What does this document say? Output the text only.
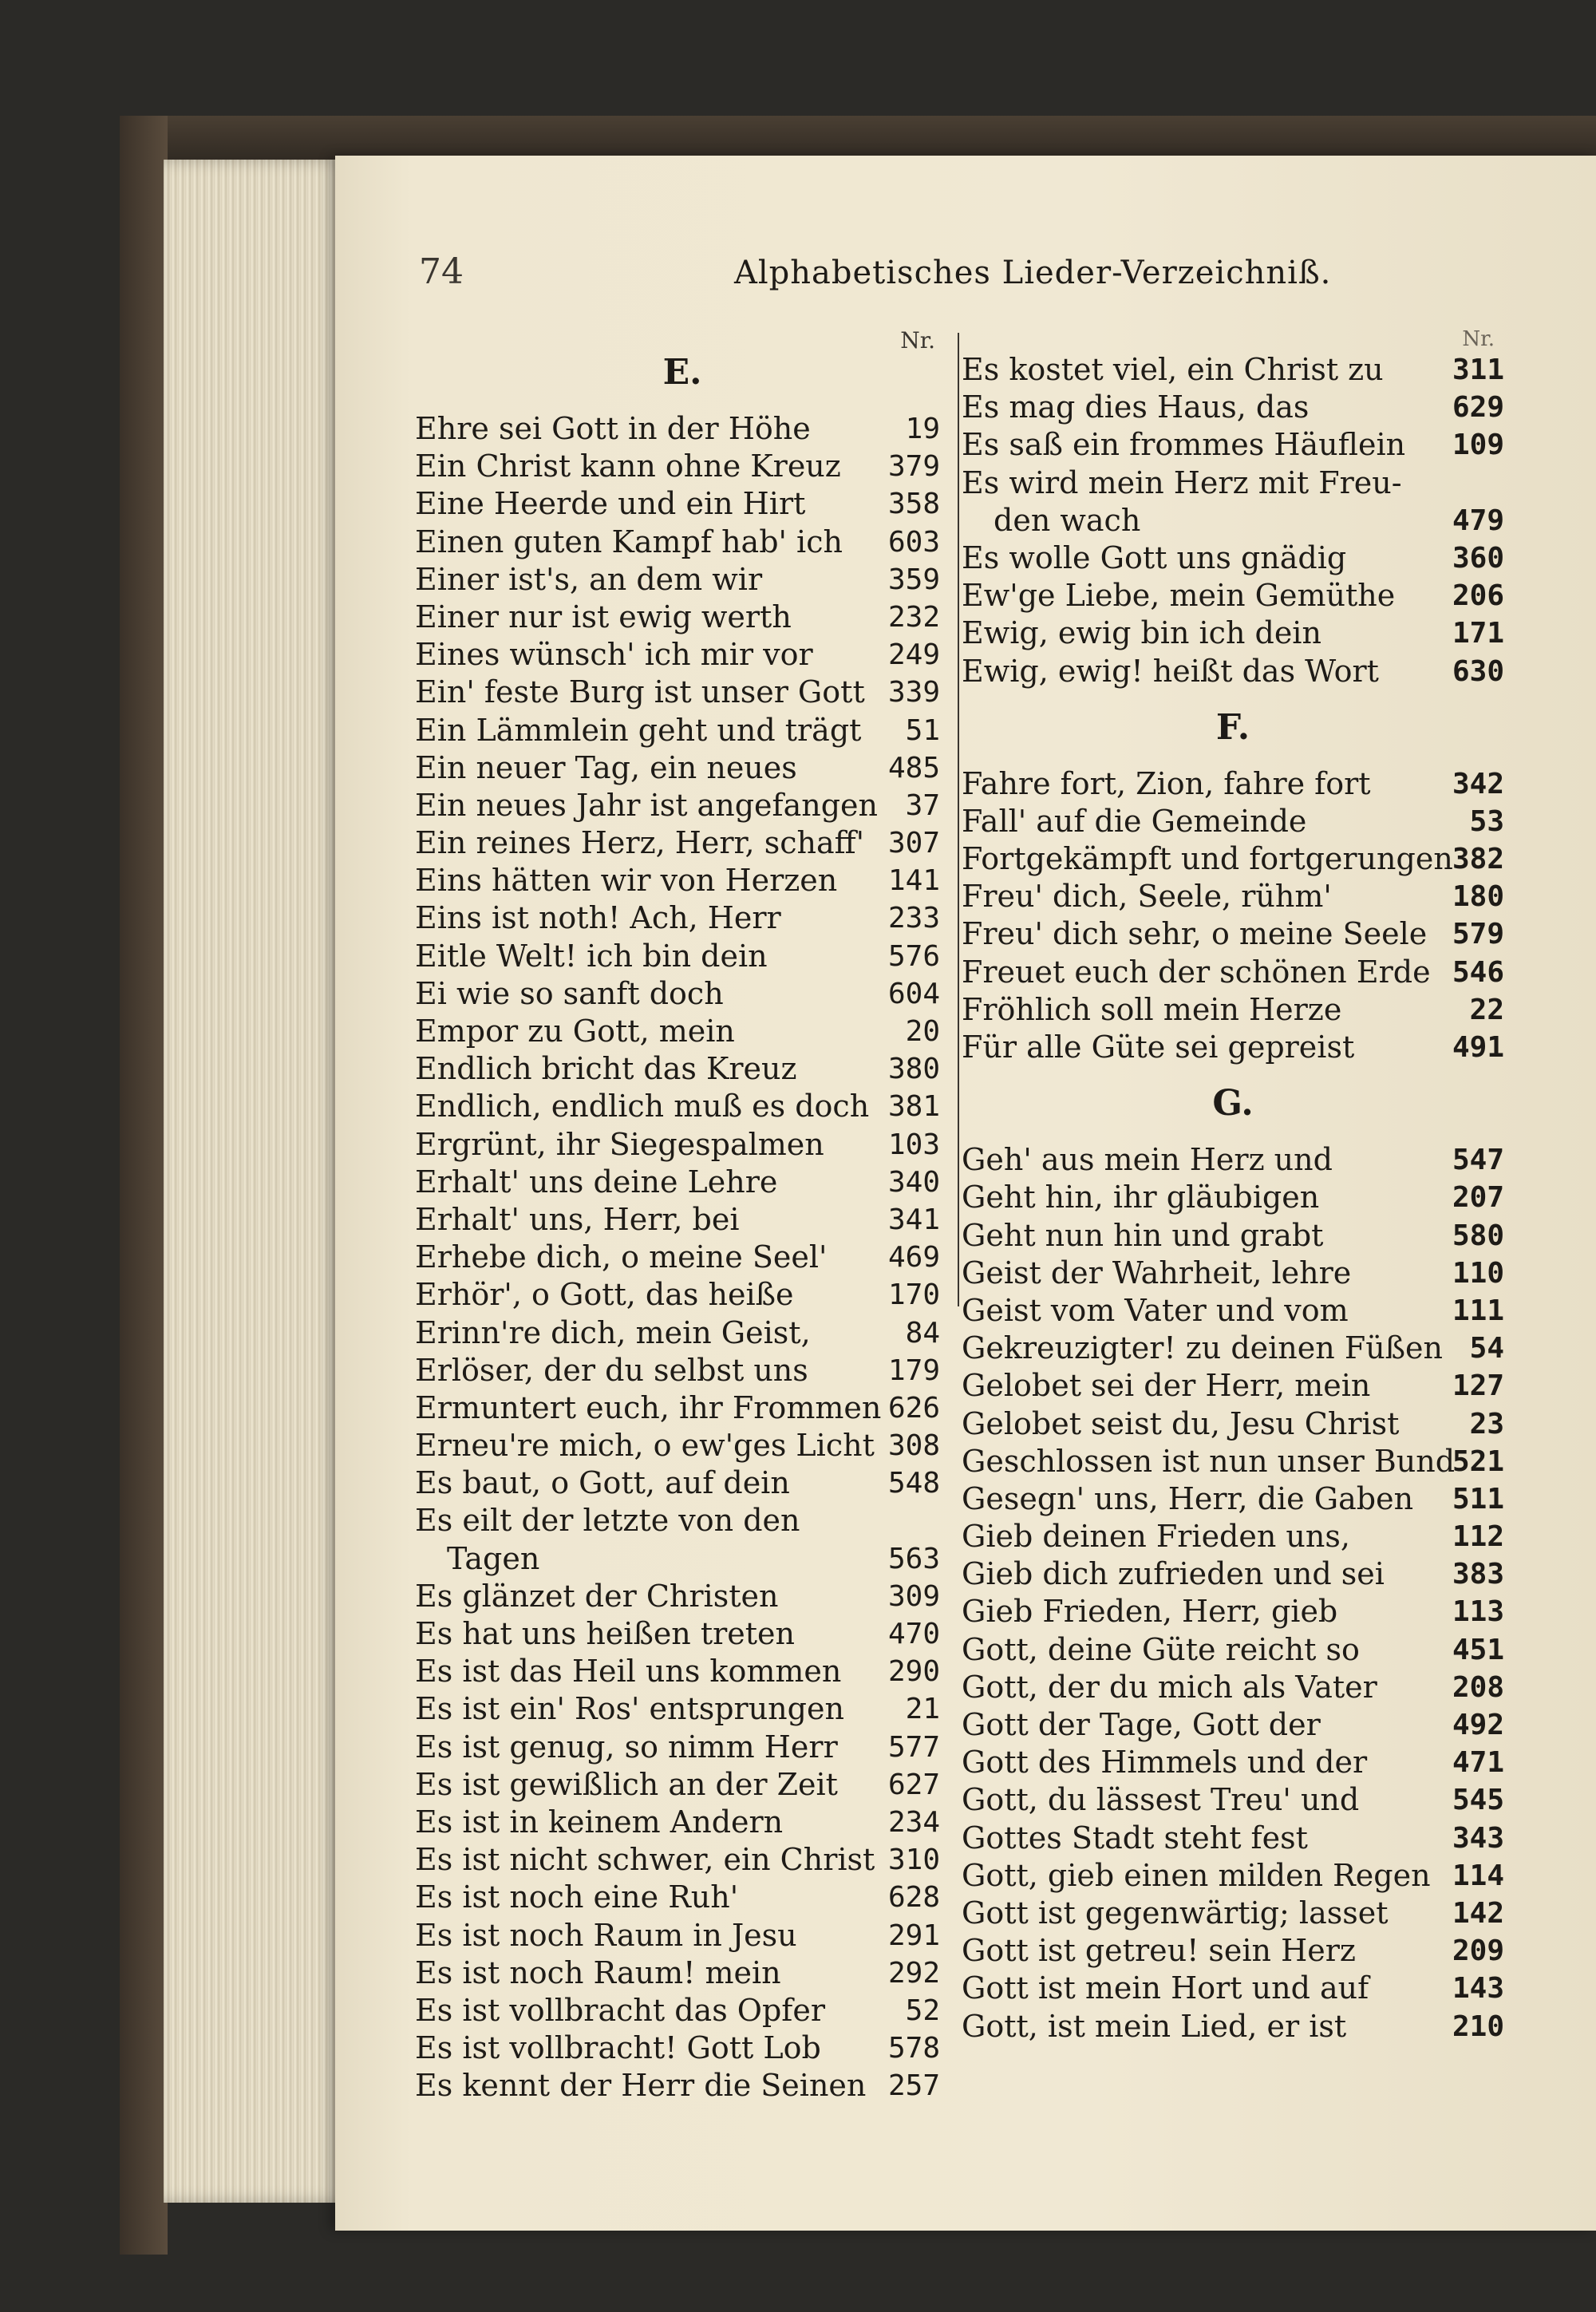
74	Alphabetisches Lieder-Verzeichniß.
Nr.
E.
Ehre sei Gott in der Höhe	19
Ein Christ kann ohne Kreuz 379
Eine Heerde und ein Hirt	358
Einen guten Kampf hab' ich 603
Einer ist's, an dem wir	359
Einer nur ist ewig werth	232
Eines wünsch' ich mir vor	249
Ein' feste Burg ist unser Gott 339
Ein Lämmlein geht und trägt 51
Ein neuer Tag, ein neues	485
Ein neues Jahr ist angefangen 37
Ein reines Herz, Herr, schaff' 307
Eins hätten wir von Herzen 141
Eins ist noth! Ach, Herr	233
Eitle Welt! ich bin dein	576
Ei wie so sanft doch	604
Empor zu Gott, mein	20
Endlich bricht das Kreuz	380
Endlich, endlich muß es doch 381
Ergrünt, ihr Siegespalmen 103
Erhalt' uns deine Lehre	340
Erhalt' uns, Herr, bei	341
Erhebe dich, o meine Seel' 469
Erhör', o Gott, das heiße	170
Erinn're dich, mein Geist,	84
Erlöser, der du selbst uns	179
Ermuntert euch, ihr Frommen 626
Erneu're mich, o ew'ges Licht 308
Es baut, o Gott, auf dein	548
Es eilt der letzte von den
Tagen	563
Es glänzet der Christen	309
Es hat uns heißen treten	470
Es ist das Heil uns kommen 290
Es ist ein' Ros' entsprungen 21
Es ist genug, so nimm Herr 577
Es ist gewißlich an der Zeit 627
Es ist in keinem Andern	234
Es ist nicht schwer, ein Christ 310
Es ist noch eine Ruh'	628
Es ist noch Raum in Jesu	291
Es ist noch Raum! mein	292
Es ist vollbracht das Opfer	52
Es ist vollbracht! Gott Lob 578
Es kennt der Herr die Seinen 257
Nr.
Es kostet viel, ein Christ zu 311
Es mag dies Haus, das	629
Es saß ein frommes Häuflein 109
Es wird mein Herz mit Freu-
den wach	479
Es wolle Gott uns gnädig	360
Ew'ge Liebe, mein Gemüthe 206
Ewig, ewig bin ich dein	171
Ewig, ewig! heißt das Wort	630
F.
Fahre fort, Zion, fahre fort	342
Fall' auf die Gemeinde	53
Fortgekämpft und fortgerungen 382
Freu' dich, Seele, rühm'	180
Freu' dich sehr, o meine Seele 579
Freuet euch der schönen Erde 546
Fröhlich soll mein Herze	22
Für alle Güte sei gepreist	491
G.
Geh' aus mein Herz und	547
Geht hin, ihr gläubigen	207
Geht nun hin und grabt	580
Geist der Wahrheit, lehre	110
Geist vom Vater und vom	111
Gekreuzigter! zu deinen Füßen 54
Gelobet sei der Herr, mein	127
Gelobet seist du, Jesu Christ 23
Geschlossen ist nun unser Bund
521
Gesegn' uns, Herr, die Gaben 511
Gieb deinen Frieden uns,	112
Gieb dich zufrieden und sei 383
Gieb Frieden, Herr, gieb	113
Gott, deine Güte reicht so	451
Gott, der du mich als Vater	208
Gott der Tage, Gott der	492
Gott des Himmels und der	471
Gott, du lässest Treu' und	545
Gottes Stadt steht fest	343
Gott, gieb einen milden Regen 114
Gott ist gegenwärtig; lasset 142
Gott ist getreu! sein Herz	209
Gott ist mein Hort und auf	143
Gott, ist mein Lied, er ist	210
